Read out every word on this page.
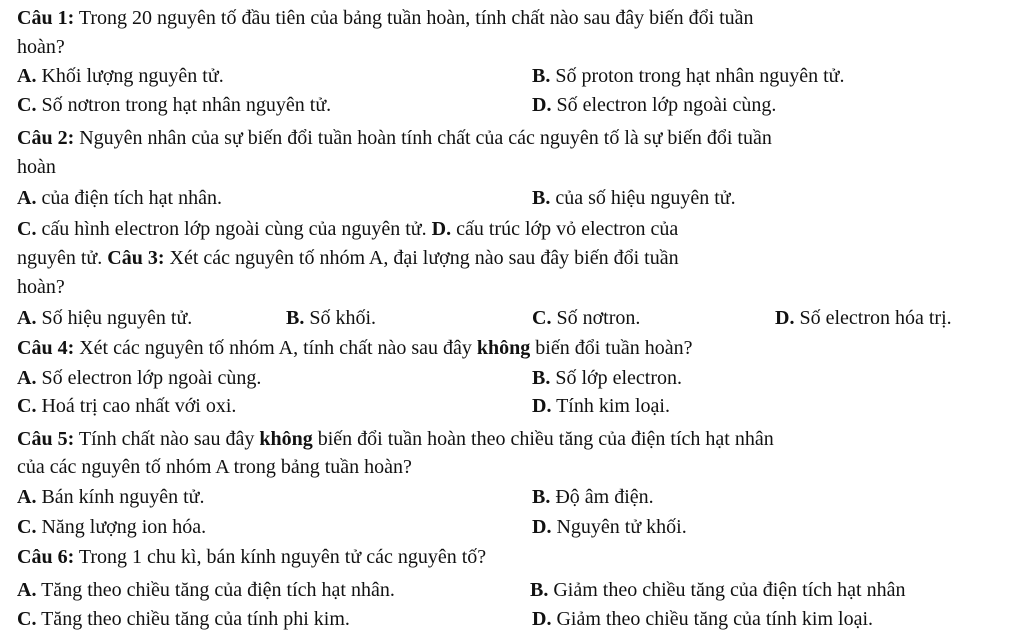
Câu 1: Trong 20 nguyên tố đầu tiên của bảng tuần hoàn, tính chất nào sau đây biến đổi tuần
hoàn?
A. Khối lượng nguyên tử.	B. Số proton trong hạt nhân nguyên tử.
C. Số nơtron trong hạt nhân nguyên tử.	D. Số electron lớp ngoài cùng.
Câu 2: Nguyên nhân của sự biến đổi tuần hoàn tính chất của các nguyên tố là sự biến đổi tuần
hoàn
A. của điện tích hạt nhân.	B. của số hiệu nguyên tử.
C. cấu hình electron lớp ngoài cùng của nguyên tử. D. cấu trúc lớp vỏ electron của
nguyên tử. Câu 3: Xét các nguyên tố nhóm A, đại lượng nào sau đây biến đổi tuần
hoàn?
A. Số hiệu nguyên tử.	B. Số khối.	C. Số nơtron.	D. Số electron hóa trị.
Câu 4: Xét các nguyên tố nhóm A, tính chất nào sau đây không biến đổi tuần hoàn?
A. Số electron lớp ngoài cùng.	B. Số lớp electron.
C. Hoá trị cao nhất với oxi.	D. Tính kim loại.
Câu 5: Tính chất nào sau đây không biến đổi tuần hoàn theo chiều tăng của điện tích hạt nhân
của các nguyên tố nhóm A trong bảng tuần hoàn?
A. Bán kính nguyên tử.	B. Độ âm điện.
C. Năng lượng ion hóa.	D. Nguyên tử khối.
Câu 6: Trong 1 chu kì, bán kính nguyên tử các nguyên tố?
A. Tăng theo chiều tăng của điện tích hạt nhân.	B. Giảm theo chiều tăng của điện tích hạt nhân
C. Tăng theo chiều tăng của tính phi kim.	D. Giảm theo chiều tăng của tính kim loại.
